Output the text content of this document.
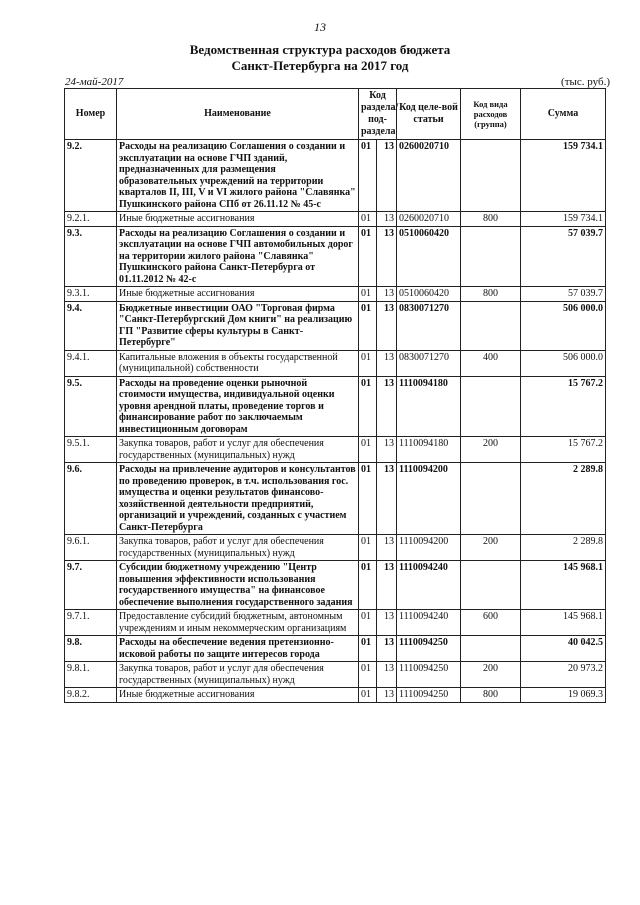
13
Ведомственная структура расходов бюджета
Санкт-Петербурга на 2017 год
24-май-2017	(тыс. руб.)
Номер	Наименование	Код раздела/ под-раздела		Код целе-вой статьи	Код вида расходов (группа)	Сумма
9.2.	Расходы на реализацию Соглашения о создании и эксплуатации на основе ГЧП зданий, предназначенных для размещения образовательных учреждений на территории кварталов II, III, V и VI жилого района "Славянка" Пушкинского района СПб от 26.11.12 № 45-с	01	13	0260020710		159 734.1
9.2.1.	Иные бюджетные ассигнования	01	13	0260020710	800	159 734.1
9.3.	Расходы на реализацию Соглашения о создании и эксплуатации на основе ГЧП автомобильных дорог на территории жилого района "Славянка" Пушкинского района Санкт-Петербурга от 01.11.2012 № 42-с	01	13	0510060420		57 039.7
9.3.1.	Иные бюджетные ассигнования	01	13	0510060420	800	57 039.7
9.4.	Бюджетные инвестиции ОАО "Торговая фирма "Санкт-Петербургский Дом книги" на реализацию ГП "Развитие сферы культуры в Санкт-Петербурге"	01	13	0830071270		506 000.0
9.4.1.	Капитальные вложения в объекты государственной (муниципальной) собственности	01	13	0830071270	400	506 000.0
9.5.	Расходы на проведение оценки рыночной стоимости имущества, индивидуальной оценки уровня арендной платы, проведение торгов и финансирование работ по заключаемым инвестиционным договорам	01	13	1110094180		15 767.2
9.5.1.	Закупка товаров, работ и услуг для обеспечения государственных (муниципальных) нужд	01	13	1110094180	200	15 767.2
9.6.	Расходы на привлечение аудиторов и консультантов по проведению проверок, в т.ч. использования гос. имущества и оценки результатов финансово-хозяйственной деятельности предприятий, организаций и учреждений, созданных с участием Санкт-Петербурга	01	13	1110094200		2 289.8
9.6.1.	Закупка товаров, работ и услуг для обеспечения государственных (муниципальных) нужд	01	13	1110094200	200	2 289.8
9.7.	Субсидии бюджетному учреждению "Центр повышения эффективности использования государственного имущества" на финансовое обеспечение выполнения государственного задания	01	13	1110094240		145 968.1
9.7.1.	Предоставление субсидий бюджетным, автономным учреждениям и иным некоммерческим организациям	01	13	1110094240	600	145 968.1
9.8.	Расходы на обеспечение ведения претензионно-исковой работы по защите интересов города	01	13	1110094250		40 042.5
9.8.1.	Закупка товаров, работ и услуг для обеспечения государственных (муниципальных) нужд	01	13	1110094250	200	20 973.2
9.8.2.	Иные бюджетные ассигнования	01	13	1110094250	800	19 069.3
